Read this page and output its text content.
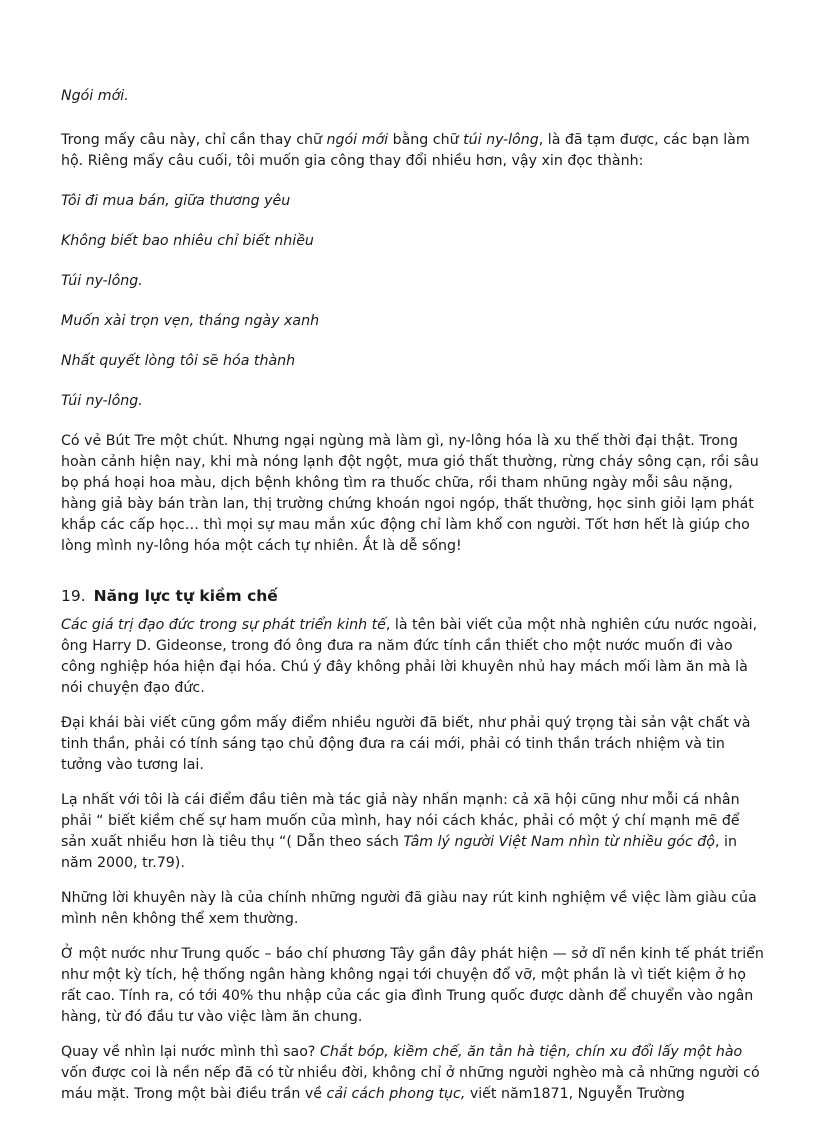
Ngói mới.

Trong mấy câu này, chỉ cần thay chữ ngói mới bằng chữ túi ny-lông, là đã tạm được, các bạn làm hộ. Riêng mấy câu cuối, tôi muốn gia công thay đổi nhiều hơn, vậy xin đọc thành:

Tôi đi mua bán, giữa thương yêu

Không biết bao nhiêu chỉ biết nhiều

Túi ny-lông.

Muốn xài trọn vẹn, tháng ngày xanh

Nhất quyết lòng tôi sẽ hóa thành

Túi ny-lông.

Có vẻ Bút Tre một chút. Nhưng ngại ngùng mà làm gì, ny-lông hóa là xu thế thời đại thật. Trong hoàn cảnh hiện nay, khi mà nóng lạnh đột ngột, mưa gió thất thường, rừng cháy sông cạn, rồi sâu bọ phá hoại hoa màu, dịch bệnh không tìm ra thuốc chữa, rồi tham nhũng ngày mỗi sâu nặng, hàng giả bày bán tràn lan, thị trường chứng khoán ngoi ngóp, thất thường, học sinh giỏi lạm phát khắp các cấp học… thì mọi sự mau mắn xúc động chỉ làm khổ con người. Tốt hơn hết là giúp cho lòng mình ny-lông hóa một cách tự nhiên. Ắt là dễ sống!

19. Năng lực tự kiềm chế

Các giá trị đạo đức trong sự phát triển kinh tế, là tên bài viết của một nhà nghiên cứu nước ngoài, ông Harry D. Gideonse, trong đó ông đưa ra năm đức tính cần thiết cho một nước muốn đi vào công nghiệp hóa hiện đại hóa. Chú ý đây không phải lời khuyên nhủ hay mách mối làm ăn mà là nói chuyện đạo đức.

Đại khái bài viết cũng gồm mấy điểm nhiều người đã biết, như phải quý trọng tài sản vật chất và tinh thần, phải có tính sáng tạo chủ động đưa ra cái mới, phải có tinh thần trách nhiệm và tin tưởng vào tương lai.

Lạ nhất với tôi là cái điểm đầu tiên mà tác giả này nhấn mạnh: cả xã hội cũng như mỗi cá nhân phải “ biết kiềm chế sự ham muốn của mình, hay nói cách khác, phải có một ý chí mạnh mẽ để sản xuất nhiều hơn là tiêu thụ “( Dẫn theo sách Tâm lý người Việt Nam nhìn từ nhiều góc độ, in năm 2000, tr.79).

Những lời khuyên này là của chính những người đã giàu nay rút kinh nghiệm về việc làm giàu của mình nên không thể xem thường.

Ở một nước như Trung quốc – báo chí phương Tây gần đây phát hiện — sở dĩ nền kinh tế phát triển như một kỳ tích, hệ thống ngân hàng không ngại tới chuyện đổ vỡ, một phần là vì tiết kiệm ở họ rất cao. Tính ra, có tới 40% thu nhập của các gia đình Trung quốc được dành để chuyển vào ngân hàng, từ đó đầu tư vào việc làm ăn chung.

Quay về nhìn lại nước mình thì sao? Chắt bóp, kiềm chế, ăn tằn hà tiện, chín xu đổi lấy một hào vốn được coi là nền nếp đã có từ nhiều đời, không chỉ ở những người nghèo mà cả những người có máu mặt. Trong một bài điều trần về cải cách phong tục, viết năm1871, Nguyễn Trường
